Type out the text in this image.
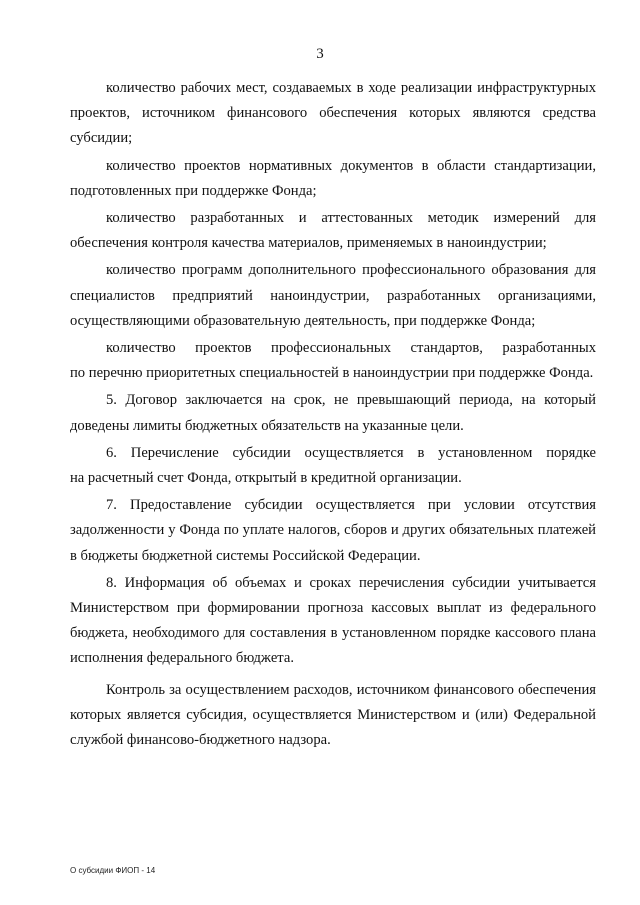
3
количество рабочих мест, создаваемых в ходе реализации инфраструктурных
проектов, источником финансового обеспечения которых являются средства
субсидии;
количество проектов нормативных документов в области стандартизации,
подготовленных при поддержке Фонда;
количество разработанных и аттестованных методик измерений для
обеспечения контроля качества материалов, применяемых в наноиндустрии;
количество программ дополнительного профессионального образования для
специалистов предприятий наноиндустрии, разработанных организациями,
осуществляющими образовательную деятельность, при поддержке Фонда;
количество проектов профессиональных стандартов, разработанных
по перечню приоритетных специальностей в наноиндустрии при поддержке Фонда.
5. Договор заключается на срок, не превышающий периода, на который
доведены лимиты бюджетных обязательств на указанные цели.
6. Перечисление субсидии осуществляется в установленном порядке
на расчетный счет Фонда, открытый в кредитной организации.
7. Предоставление субсидии осуществляется при условии отсутствия
задолженности у Фонда по уплате налогов, сборов и других обязательных платежей
в бюджеты бюджетной системы Российской Федерации.
8. Информация об объемах и сроках перечисления субсидии учитывается
Министерством при формировании прогноза кассовых выплат из федерального
бюджета, необходимого для составления в установленном порядке кассового плана
исполнения федерального бюджета.
Контроль за осуществлением расходов, источником финансового обеспечения
которых является субсидия, осуществляется Министерством и (или) Федеральной
службой финансово-бюджетного надзора.
О субсидии ФИОП - 14
